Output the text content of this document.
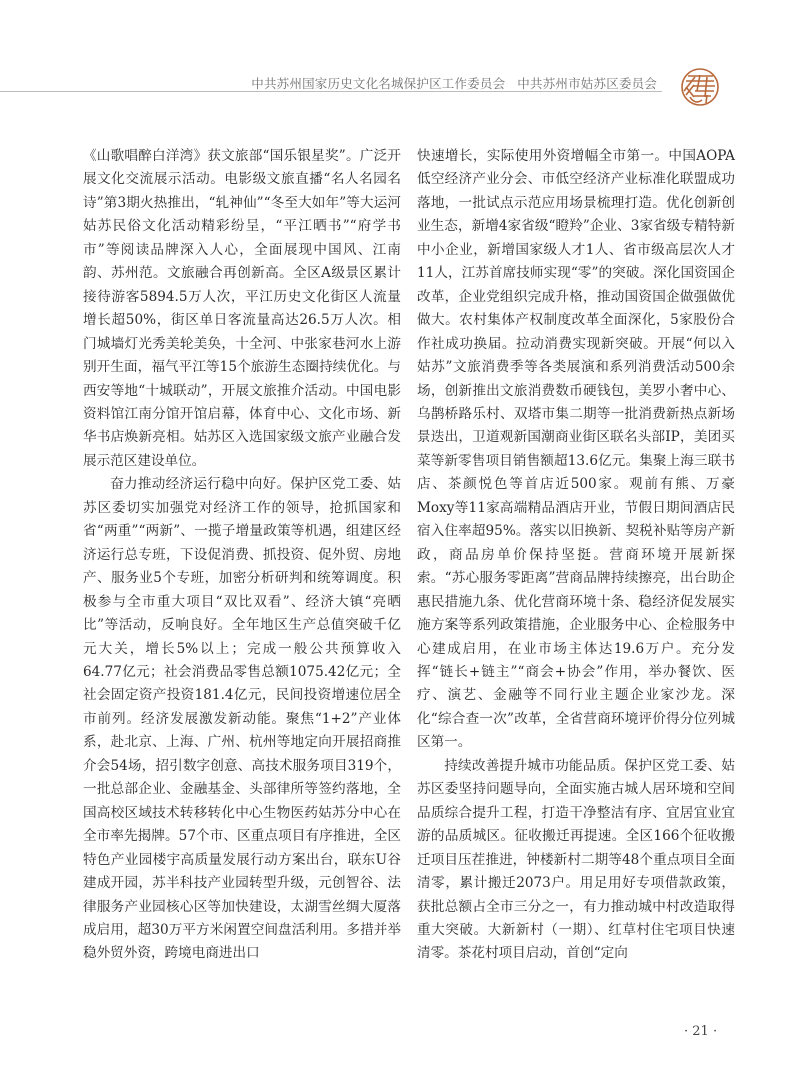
中共苏州国家历史文化名城保护区工作委员会 中共苏州市姑苏区委员会

《山歌唱醉白洋湾》获文旅部“国乐银星奖”。广泛开展文化交流展示活动。电影级文旅直播“名人名园名诗”第3期火热推出，“轧神仙”“冬至大如年”等大运河姑苏民俗文化活动精彩纷呈，“平江晒书”“府学书市”等阅读品牌深入人心，全面展现中国风、江南韵、苏州范。文旅融合再创新高。全区A级景区累计接待游客5894.5万人次，平江历史文化街区人流量增长超50%，街区单日客流量高达26.5万人次。相门城墙灯光秀美轮美奂，十全河、中张家巷河水上游别开生面，福气平江等15个旅游生态圈持续优化。与西安等地“十城联动”，开展文旅推介活动。中国电影资料馆江南分馆开馆启幕，体育中心、文化市场、新华书店焕新亮相。姑苏区入选国家级文旅产业融合发展示范区建设单位。

奋力推动经济运行稳中向好。保护区党工委、姑苏区委切实加强党对经济工作的领导，抢抓国家和省“两重”“两新”、一揽子增量政策等机遇，组建区经济运行总专班，下设促消费、抓投资、促外贸、房地产、服务业5个专班，加密分析研判和统筹调度。积极参与全市重大项目“双比双看”、经济大镇“亮晒比”等活动，反响良好。全年地区生产总值突破千亿元大关，增长5%以上；完成一般公共预算收入64.77亿元；社会消费品零售总额1075.42亿元；全社会固定资产投资181.4亿元，民间投资增速位居全市前列。经济发展激发新动能。聚焦“1+2”产业体系，赴北京、上海、广州、杭州等地定向开展招商推介会54场，招引数字创意、高技术服务项目319个，一批总部企业、金融基金、头部律所等签约落地，全国高校区域技术转移转化中心生物医药姑苏分中心在全市率先揭牌。57个市、区重点项目有序推进，全区特色产业园楼宇高质量发展行动方案出台，联东U谷建成开园，苏半科技产业园转型升级，元创智谷、法律服务产业园核心区等加快建设，太湖雪丝绸大厦落成启用，超30万平方米闲置空间盘活利用。多措并举稳外贸外资，跨境电商进出口

快速增长，实际使用外资增幅全市第一。中国AOPA低空经济产业分会、市低空经济产业标准化联盟成功落地，一批试点示范应用场景梳理打造。优化创新创业生态，新增4家省级“瞪羚”企业、3家省级专精特新中小企业，新增国家级人才1人、省市级高层次人才11人，江苏首席技师实现“零”的突破。深化国资国企改革，企业党组织完成升格，推动国资国企做强做优做大。农村集体产权制度改革全面深化，5家股份合作社成功换届。拉动消费实现新突破。开展“何以入姑苏”文旅消费季等各类展演和系列消费活动500余场，创新推出文旅消费数币硬钱包，美罗小奢中心、乌鹊桥路乐村、双塔市集二期等一批消费新热点新场景迭出，卫道观新国潮商业街区联名头部IP，美团买菜等新零售项目销售额超13.6亿元。集聚上海三联书店、茶颜悦色等首店近500家。观前有熊、万豪Moxy等11家高端精品酒店开业，节假日期间酒店民宿入住率超95%。落实以旧换新、契税补贴等房产新政，商品房单价保持坚挺。营商环境开展新探索。“苏心服务零距离”营商品牌持续擦亮，出台助企惠民措施九条、优化营商环境十条、稳经济促发展实施方案等系列政策措施，企业服务中心、企检服务中心建成启用，在业市场主体达19.6万户。充分发挥“链长+链主”“商会+协会”作用，举办餐饮、医疗、演艺、金融等不同行业主题企业家沙龙。深化“综合查一次”改革，全省营商环境评价得分位列城区第一。

持续改善提升城市功能品质。保护区党工委、姑苏区委坚持问题导向，全面实施古城人居环境和空间品质综合提升工程，打造干净整洁有序、宜居宜业宜游的品质城区。征收搬迁再提速。全区166个征收搬迁项目压茬推进，钟楼新村二期等48个重点项目全面清零，累计搬迁2073户。用足用好专项借款政策，获批总额占全市三分之一，有力推动城中村改造取得重大突破。大新新村（一期）、红草村住宅项目快速清零。茶花村项目启动，首创“定向

· 21 ·
